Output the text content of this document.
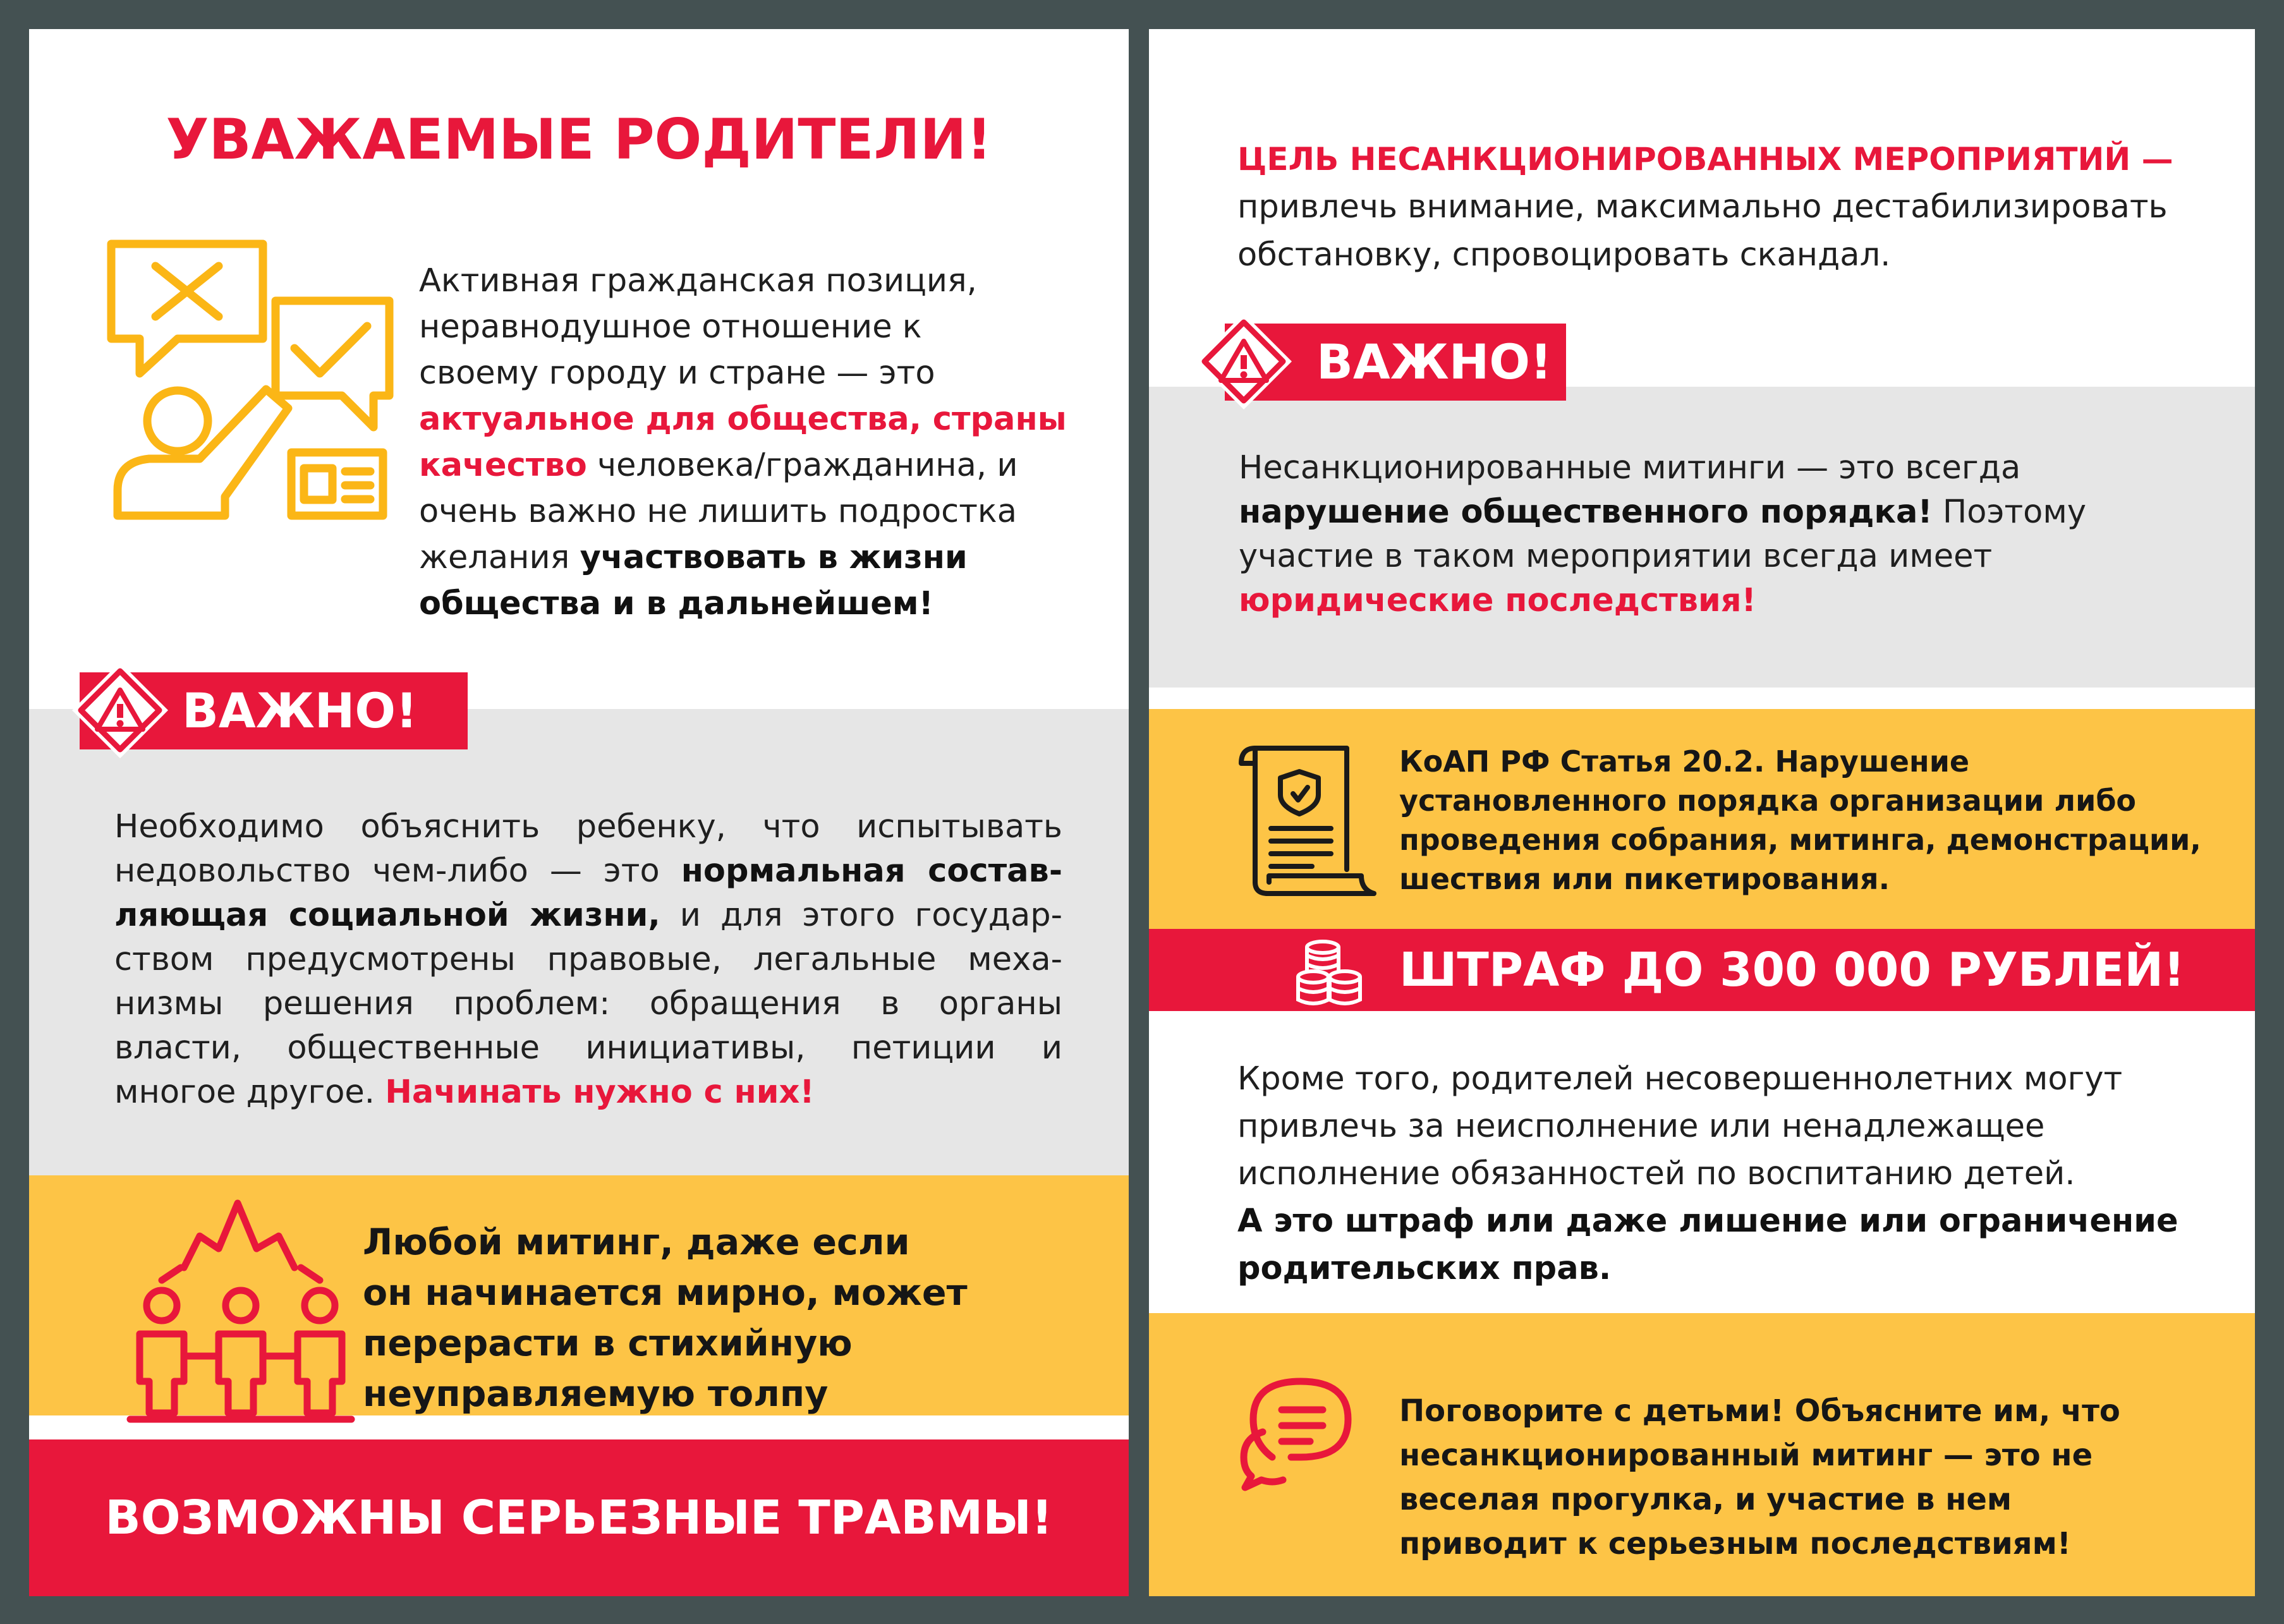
УВАЖАЕМЫЕ РОДИТЕЛИ!
Активная гражданская позиция,
неравнодушное отношение к
своему городу и стране — это
актуальное для общества, страны
качество человека/гражданина, и
очень важно не лишить подростка
желания участвовать в жизни
общества и в дальнейшем!
ВАЖНО!
Необходимо объяснить ребенку, что испытывать
недовольство чем-либо — это нормальная состав-
ляющая социальной жизни, и для этого государ-
ством предусмотрены правовые, легальные меха-
низмы решения проблем: обращения в органы
власти, общественные инициативы, петиции и
многое другое. Начинать нужно с них!
Любой митинг, даже если
он начинается мирно, может
перерасти в стихийную
неуправляемую толпу
ВОЗМОЖНЫ СЕРЬЕЗНЫЕ ТРАВМЫ!
ЦЕЛЬ НЕСАНКЦИОНИРОВАННЫХ МЕРОПРИЯТИЙ —
привлечь внимание, максимально дестабилизировать
обстановку, спровоцировать скандал.
ВАЖНО!
Несанкционированные митинги — это всегда
нарушение общественного порядка! Поэтому
участие в таком мероприятии всегда имеет
юридические последствия!
КоАП РФ Статья 20.2. Нарушение
установленного порядка организации либо
проведения собрания, митинга, демонстрации,
шествия или пикетирования.
ШТРАФ ДО 300 000 РУБЛЕЙ!
Кроме того, родителей несовершеннолетних могут
привлечь за неисполнение или ненадлежащее
исполнение обязанностей по воспитанию детей.
А это штраф или даже лишение или ограничение
родительских прав.
Поговорите с детьми! Объясните им, что
несанкционированный митинг — это не
веселая прогулка, и участие в нем
приводит к серьезным последствиям!
